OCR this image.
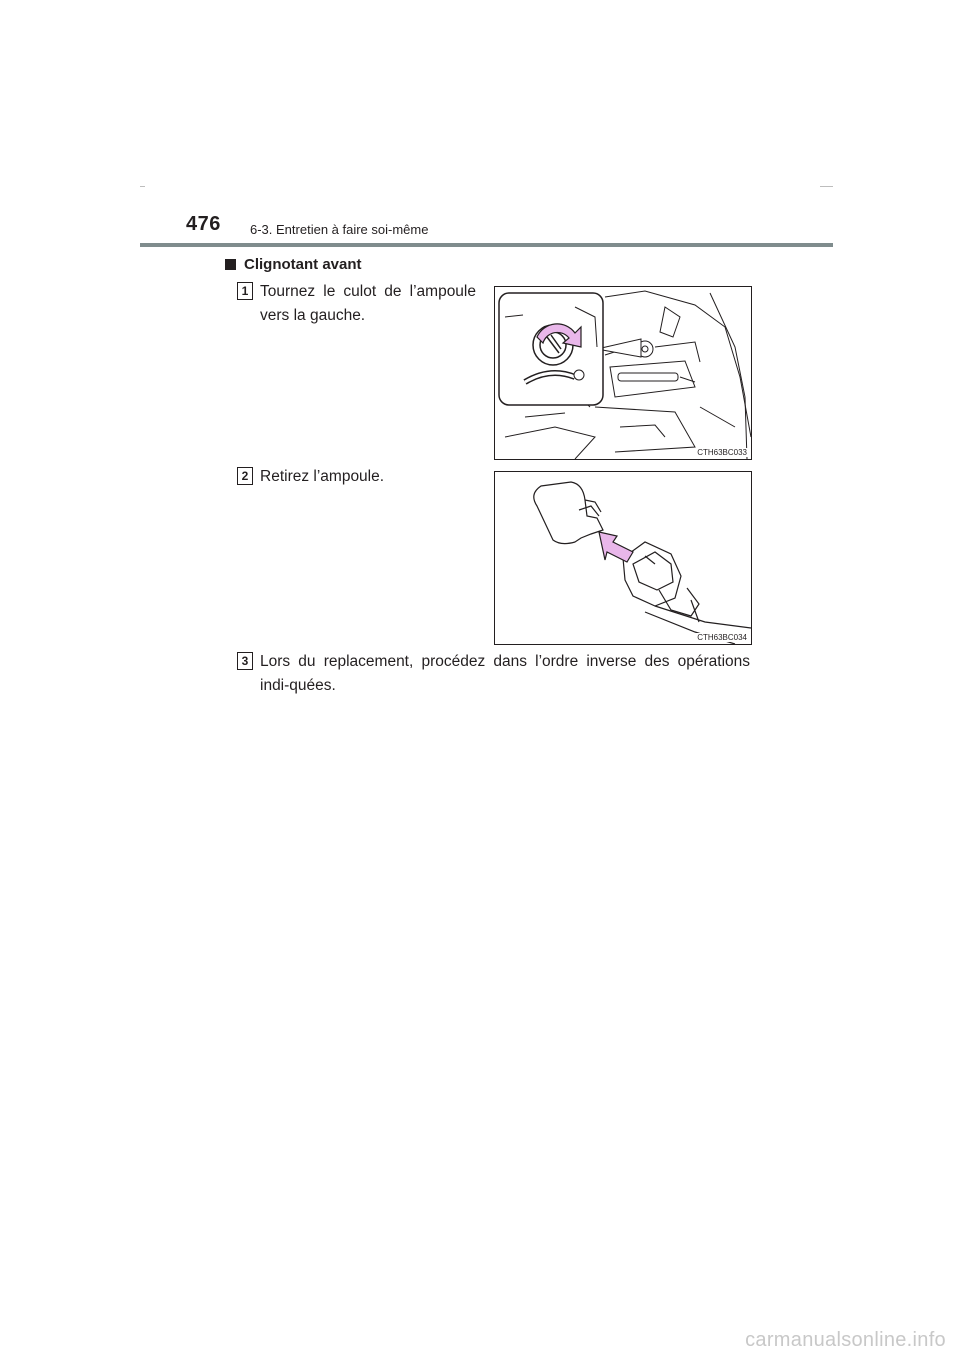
476 6-3. Entretien à faire soi-même
Clignotant avant
1 Tournez le culot de l’ampoule vers la gauche.
CTH63BC033
2 Retirez l’ampoule.
CTH63BC034
3 Lors du replacement, procédez dans l’ordre inverse des opérations indi-quées.
carmanualsonline.info
